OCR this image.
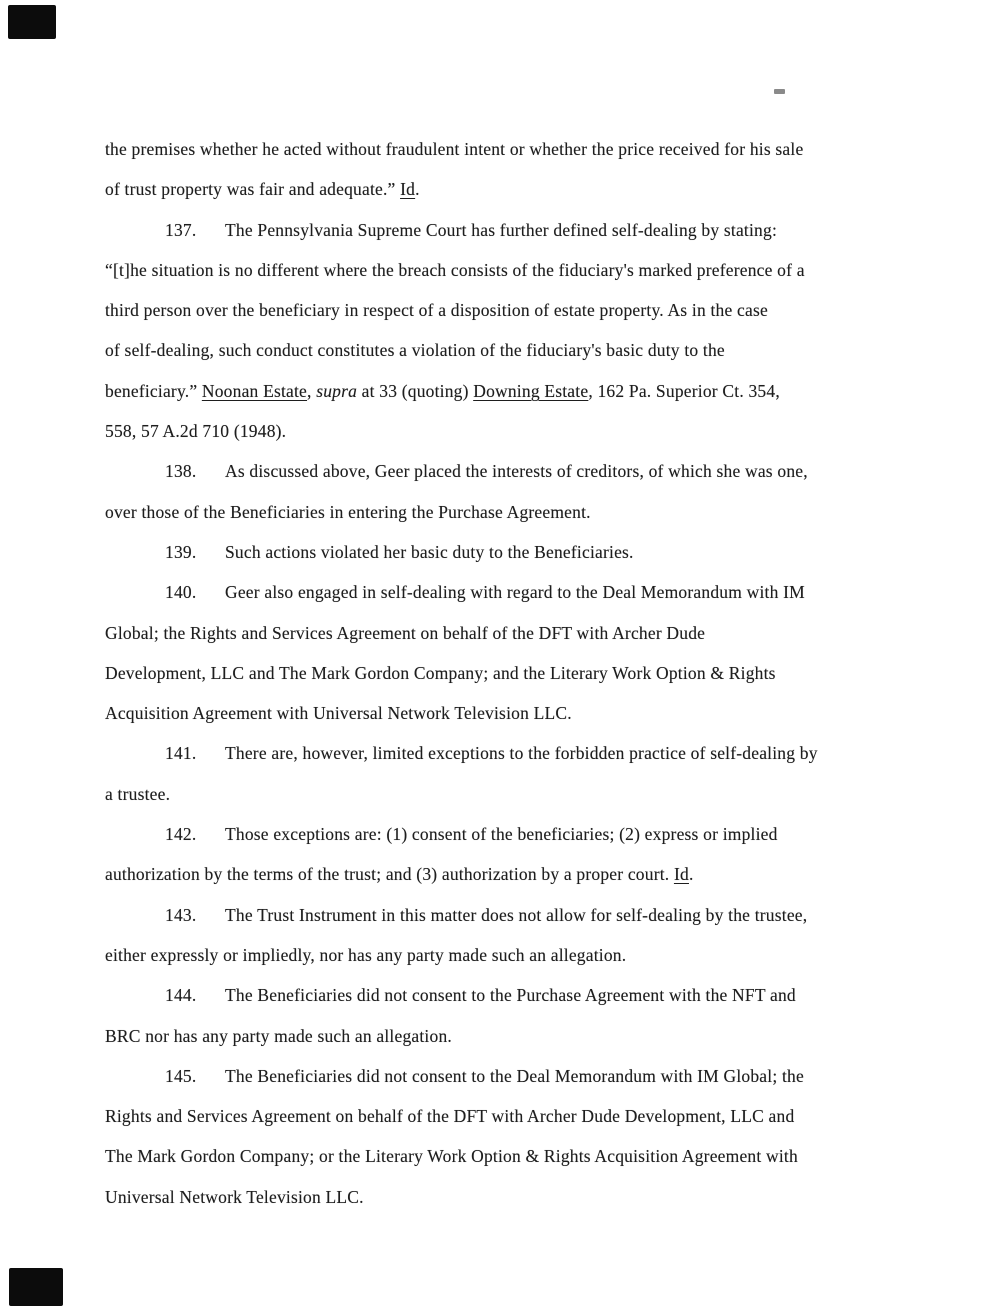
the premises whether he acted without fraudulent intent or whether the price received for his sale
of trust property was fair and adequate.” Id.

137. The Pennsylvania Supreme Court has further defined self-dealing by stating:
“[t]he situation is no different where the breach consists of the fiduciary's marked preference of a
third person over the beneficiary in respect of a disposition of estate property. As in the case
of self-dealing, such conduct constitutes a violation of the fiduciary's basic duty to the
beneficiary.” Noonan Estate, supra at 33 (quoting) Downing Estate, 162 Pa. Superior Ct. 354,
558, 57 A.2d 710 (1948).

138. As discussed above, Geer placed the interests of creditors, of which she was one,
over those of the Beneficiaries in entering the Purchase Agreement.

139. Such actions violated her basic duty to the Beneficiaries.

140. Geer also engaged in self-dealing with regard to the Deal Memorandum with IM
Global; the Rights and Services Agreement on behalf of the DFT with Archer Dude
Development, LLC and The Mark Gordon Company; and the Literary Work Option & Rights
Acquisition Agreement with Universal Network Television LLC.

141. There are, however, limited exceptions to the forbidden practice of self-dealing by
a trustee.

142. Those exceptions are: (1) consent of the beneficiaries; (2) express or implied
authorization by the terms of the trust; and (3) authorization by a proper court. Id.

143. The Trust Instrument in this matter does not allow for self-dealing by the trustee,
either expressly or impliedly, nor has any party made such an allegation.

144. The Beneficiaries did not consent to the Purchase Agreement with the NFT and
BRC nor has any party made such an allegation.

145. The Beneficiaries did not consent to the Deal Memorandum with IM Global; the
Rights and Services Agreement on behalf of the DFT with Archer Dude Development, LLC and
The Mark Gordon Company; or the Literary Work Option & Rights Acquisition Agreement with
Universal Network Television LLC.
